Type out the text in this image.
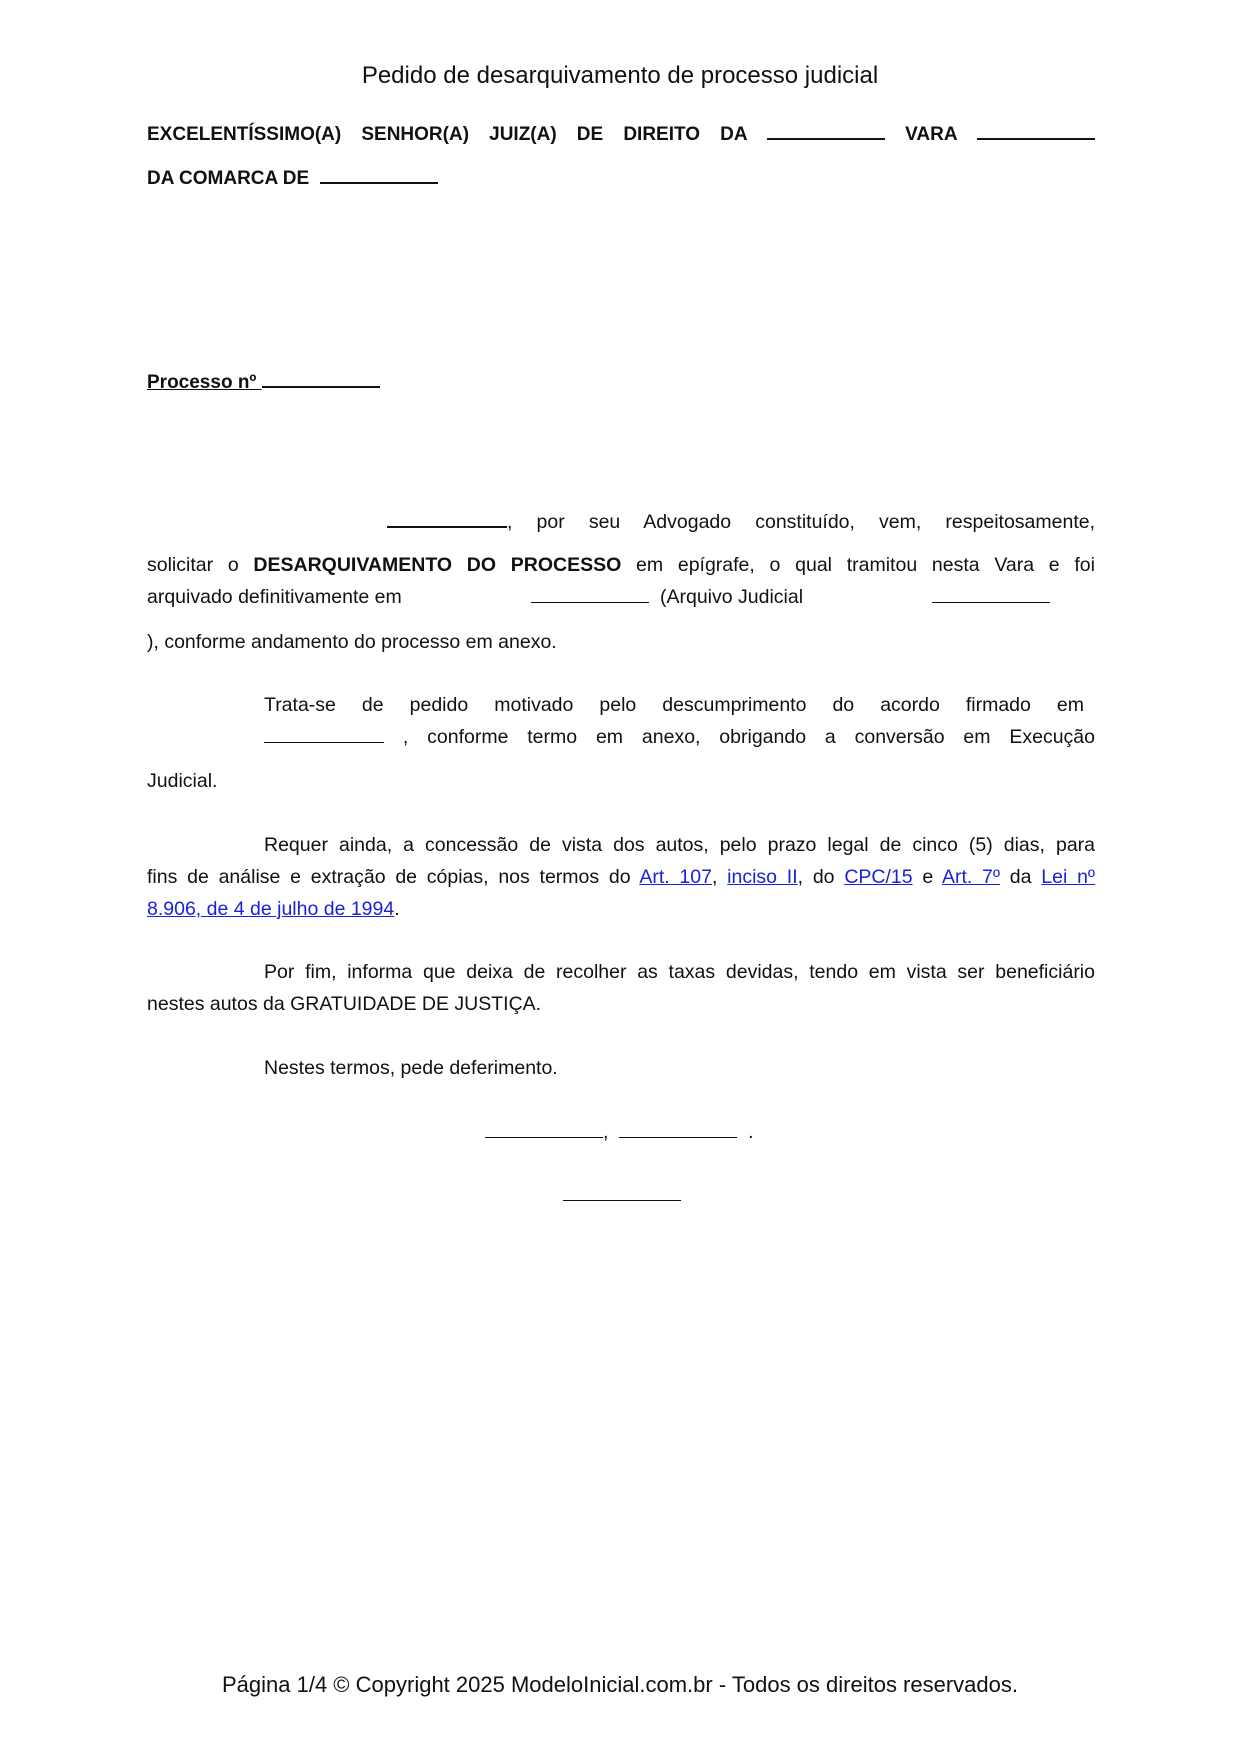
Pedido de desarquivamento de processo judicial
EXCELENTÍSSIMO(A) SENHOR(A) JUIZ(A) DE DIREITO DA	VARA
DA COMARCA DE
Processo nº
, por seu Advogado constituído, vem, respeitosamente,
solicitar o DESARQUIVAMENTO DO PROCESSO em epígrafe, o qual tramitou nesta Vara e foi
arquivado definitivamente em	(Arquivo Judicial
), conforme andamento do processo em anexo.
Trata-se de pedido motivado pelo descumprimento do acordo firmado em
, conforme termo em anexo, obrigando a conversão em Execução
Judicial.
Requer ainda, a concessão de vista dos autos, pelo prazo legal de cinco (5) dias, para
fins de análise e extração de cópias, nos termos do Art. 107, inciso II, do CPC/15 e Art. 7º da Lei nº
8.906, de 4 de julho de 1994.
Por fim, informa que deixa de recolher as taxas devidas, tendo em vista ser beneficiário
nestes autos da GRATUIDADE DE JUSTIÇA.
Nestes termos, pede deferimento.
,	.
Página 1/4 © Copyright 2025 ModeloInicial.com.br - Todos os direitos reservados.
